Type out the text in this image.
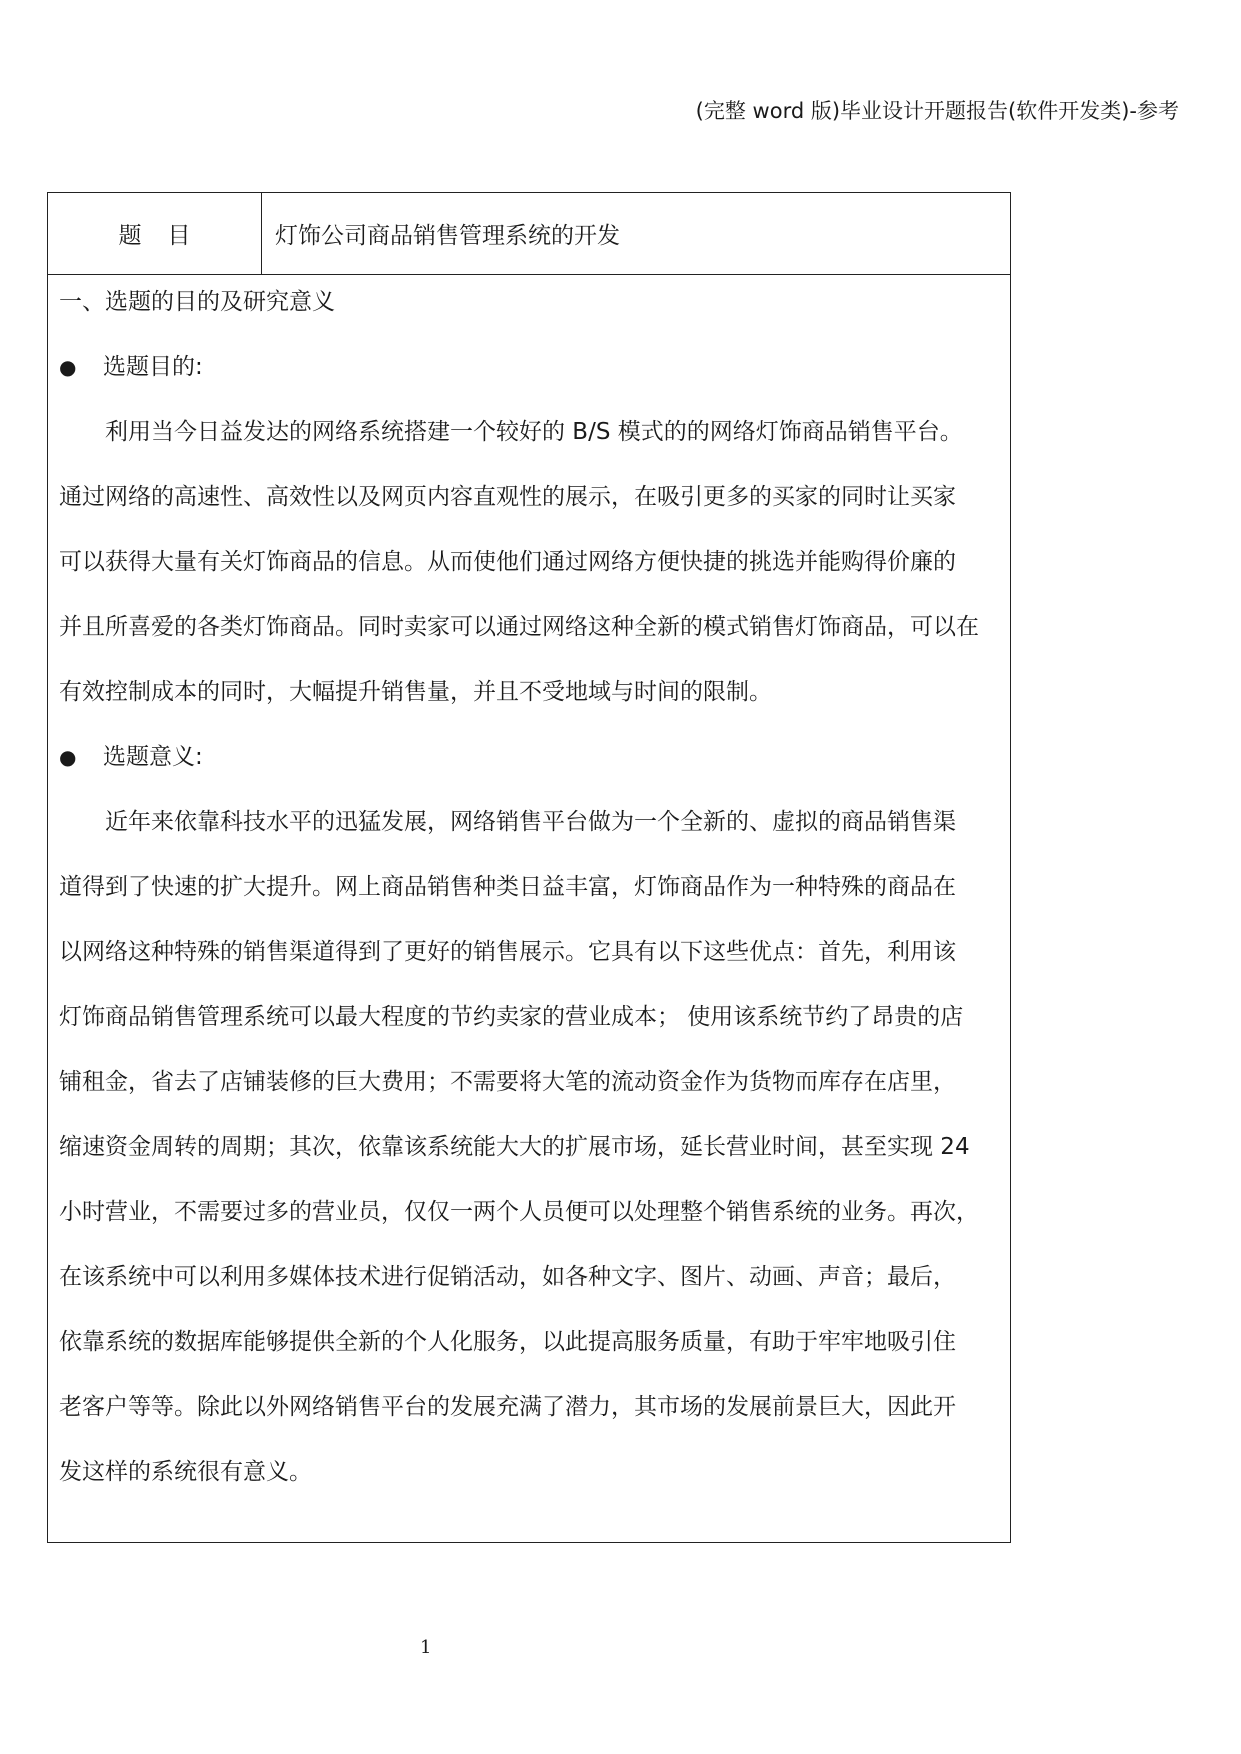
(完整 word 版)毕业设计开题报告(软件开发类)-参考
题目	灯饰公司商品销售管理系统的开发
一、选题的目的及研究意义
● 选题目的:
　　利用当今日益发达的网络系统搭建一个较好的 B/S 模式的的网络灯饰商品销售平台。
通过网络的高速性、高效性以及网页内容直观性的展示，在吸引更多的买家的同时让买家
可以获得大量有关灯饰商品的信息。从而使他们通过网络方便快捷的挑选并能购得价廉的
并且所喜爱的各类灯饰商品。同时卖家可以通过网络这种全新的模式销售灯饰商品，可以在
有效控制成本的同时，大幅提升销售量，并且不受地域与时间的限制。
● 选题意义:
　　近年来依靠科技水平的迅猛发展，网络销售平台做为一个全新的、虚拟的商品销售渠
道得到了快速的扩大提升。网上商品销售种类日益丰富，灯饰商品作为一种特殊的商品在
以网络这种特殊的销售渠道得到了更好的销售展示。它具有以下这些优点：首先，利用该
灯饰商品销售管理系统可以最大程度的节约卖家的营业成本； 使用该系统节约了昂贵的店
铺租金，省去了店铺装修的巨大费用；不需要将大笔的流动资金作为货物而库存在店里，
缩速资金周转的周期；其次，依靠该系统能大大的扩展市场，延长营业时间，甚至实现 24
小时营业，不需要过多的营业员，仅仅一两个人员便可以处理整个销售系统的业务。再次，
在该系统中可以利用多媒体技术进行促销活动，如各种文字、图片、动画、声音；最后，
依靠系统的数据库能够提供全新的个人化服务，以此提高服务质量，有助于牢牢地吸引住
老客户等等。除此以外网络销售平台的发展充满了潜力，其市场的发展前景巨大，因此开
发这样的系统很有意义。
1
